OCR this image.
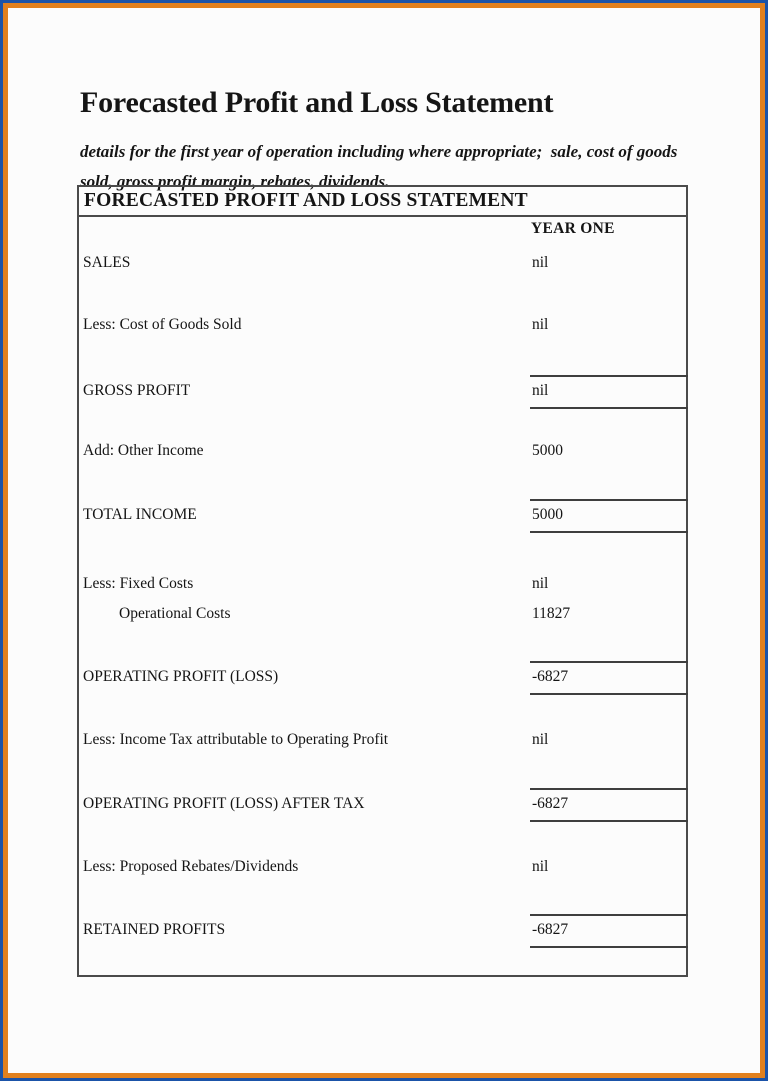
Forecasted Profit and Loss Statement

details for the first year of operation including where appropriate;  sale, cost of goods sold, gross profit margin, rebates, dividends.

FORECASTED PROFIT AND LOSS STATEMENT
YEAR ONE
SALES	nil
Less: Cost of Goods Sold	nil
GROSS PROFIT	nil
Add: Other Income	5000
TOTAL INCOME	5000
Less: Fixed Costs	nil
Operational Costs	11827
OPERATING PROFIT (LOSS)	-6827
Less: Income Tax attributable to Operating Profit	nil
OPERATING PROFIT (LOSS) AFTER TAX	-6827
Less: Proposed Rebates/Dividends	nil
RETAINED PROFITS	-6827
